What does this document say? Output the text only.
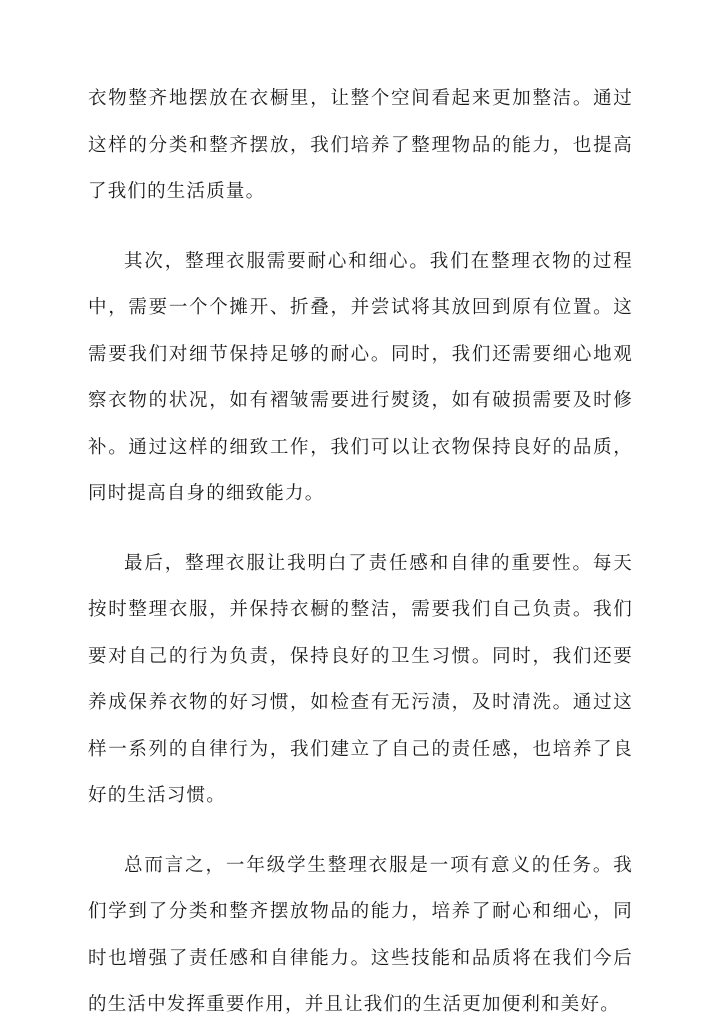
衣物整齐地摆放在衣橱里，让整个空间看起来更加整洁。通过这样的分类和整齐摆放，我们培养了整理物品的能力，也提高了我们的生活质量。

其次，整理衣服需要耐心和细心。我们在整理衣物的过程中，需要一个个摊开、折叠，并尝试将其放回到原有位置。这需要我们对细节保持足够的耐心。同时，我们还需要细心地观察衣物的状况，如有褶皱需要进行熨烫，如有破损需要及时修补。通过这样的细致工作，我们可以让衣物保持良好的品质，同时提高自身的细致能力。

最后，整理衣服让我明白了责任感和自律的重要性。每天按时整理衣服，并保持衣橱的整洁，需要我们自己负责。我们要对自己的行为负责，保持良好的卫生习惯。同时，我们还要养成保养衣物的好习惯，如检查有无污渍，及时清洗。通过这样一系列的自律行为，我们建立了自己的责任感，也培养了良好的生活习惯。

总而言之，一年级学生整理衣服是一项有意义的任务。我们学到了分类和整齐摆放物品的能力，培养了耐心和细心，同时也增强了责任感和自律能力。这些技能和品质将在我们今后的生活中发挥重要作用，并且让我们的生活更加便利和美好。
